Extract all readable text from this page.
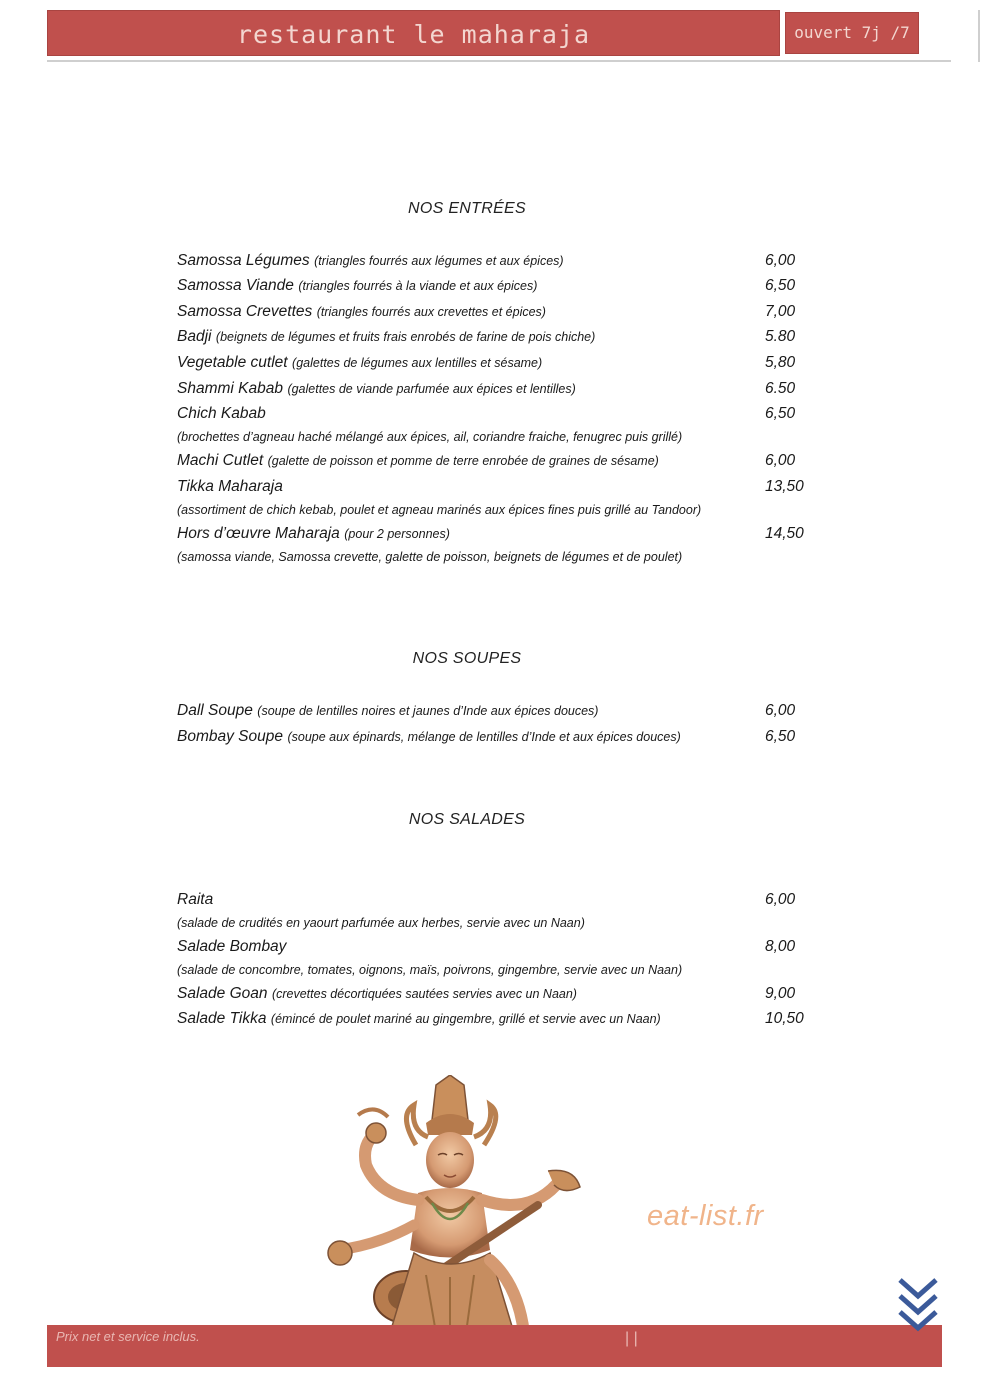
restaurant le maharaja	ouvert 7j /7
NOS ENTRÉES
Samossa Légumes (triangles fourrés aux légumes et aux épices)	6,00
Samossa Viande (triangles fourrés à la viande et aux épices)	6,50
Samossa Crevettes (triangles fourrés aux crevettes et épices)	7,00
Badji (beignets de légumes et fruits frais enrobés de farine de pois chiche)	5.80
Vegetable cutlet (galettes de légumes aux lentilles et sésame)	5,80
Shammi Kabab (galettes de viande parfumée aux épices et lentilles)	6.50
Chich Kabab	6,50
(brochettes d’agneau haché mélangé aux épices, ail, coriandre fraiche, fenugrec puis grillé)
Machi Cutlet (galette de poisson et pomme de terre enrobée de graines de sésame)	6,00
Tikka Maharaja	13,50
(assortiment de chich kebab, poulet et agneau marinés aux épices fines puis grillé au Tandoor)
Hors d’œuvre Maharaja (pour 2 personnes)	14,50
(samossa viande, Samossa crevette, galette de poisson, beignets de légumes et de poulet)
NOS SOUPES
Dall Soupe (soupe de lentilles noires et jaunes d’Inde aux épices douces)	6,00
Bombay Soupe (soupe aux épinards, mélange de lentilles d’Inde et aux épices douces)	6,50
NOS SALADES
Raita	6,00
(salade de crudités en yaourt parfumée aux herbes, servie avec un Naan)
Salade Bombay	8,00
(salade de concombre, tomates, oignons, maïs, poivrons, gingembre, servie avec un Naan)
Salade Goan (crevettes décortiquées sautées servies avec un Naan)	9,00
Salade Tikka (émincé de poulet mariné au gingembre, grillé et servie avec un Naan)	10,50
eat-list.fr
Prix net et service inclus.	| |
